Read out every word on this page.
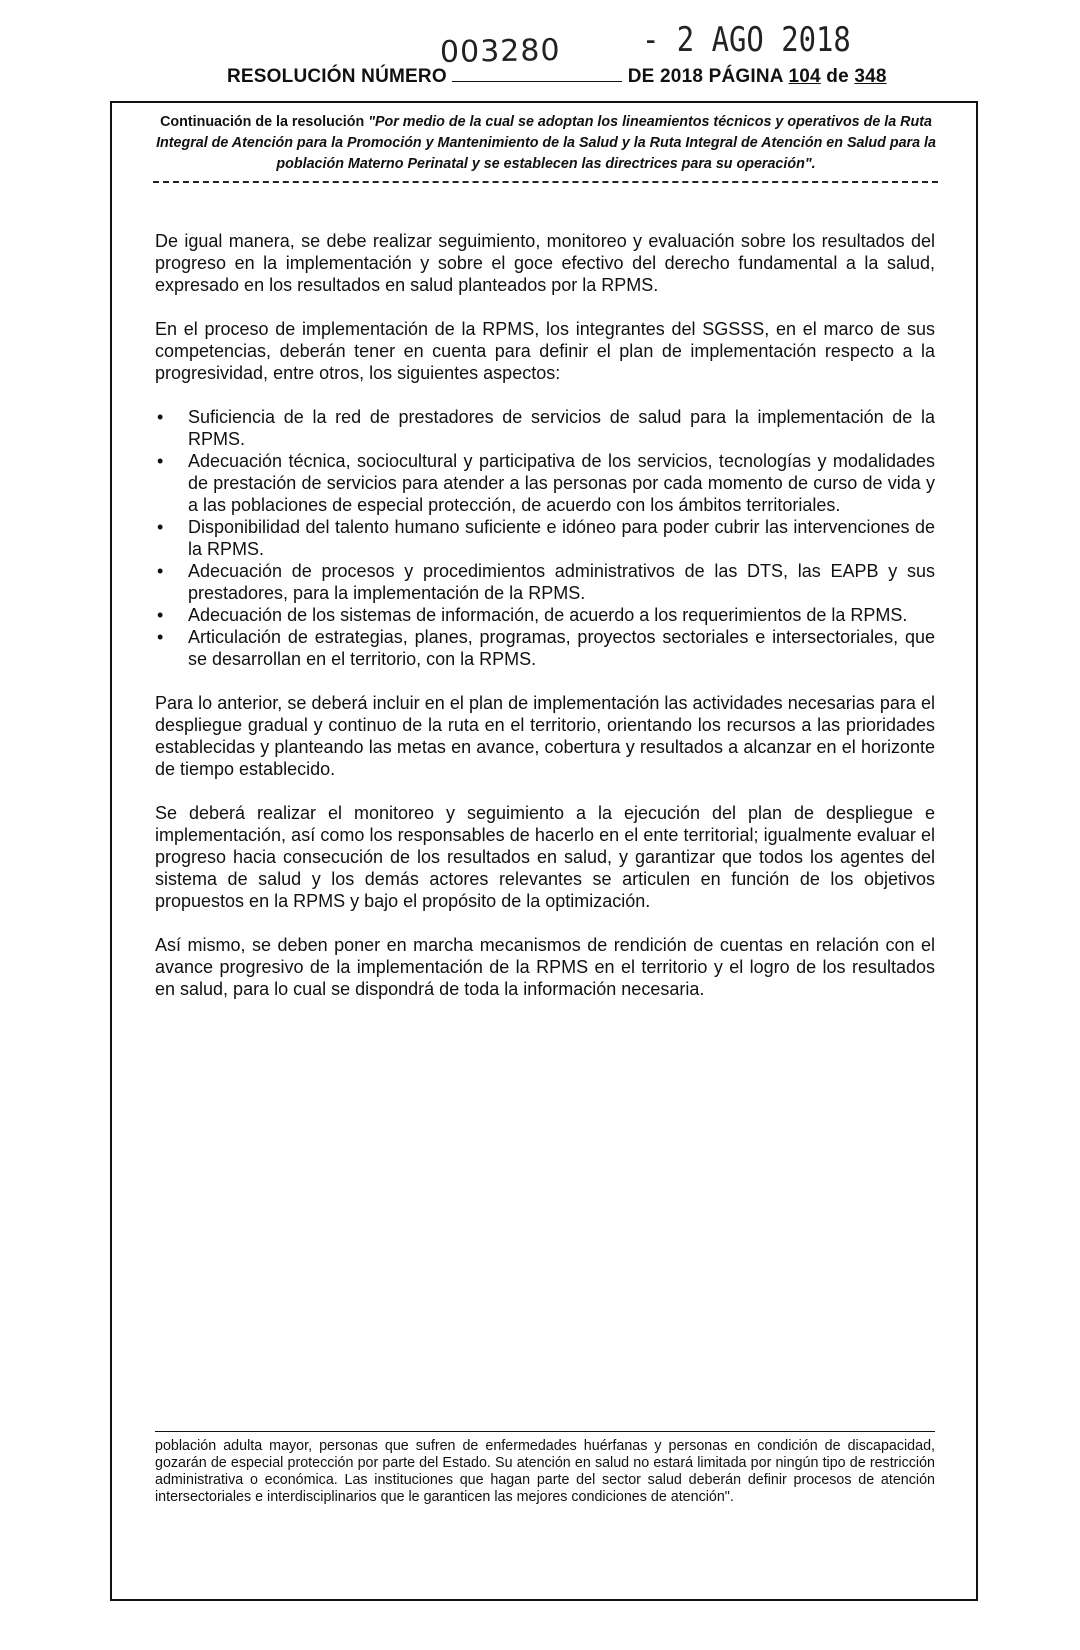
003280 - 2 AGO 2018
RESOLUCIÓN NÚMERO	DE 2018 PÁGINA 104 de 348
Continuación de la resolución "Por medio de la cual se adoptan los lineamientos técnicos y operativos de la Ruta Integral de Atención para la Promoción y Mantenimiento de la Salud y la Ruta Integral de Atención en Salud para la población Materno Perinatal y se establecen las directrices para su operación".

De igual manera, se debe realizar seguimiento, monitoreo y evaluación sobre los resultados del progreso en la implementación y sobre el goce efectivo del derecho fundamental a la salud, expresado en los resultados en salud planteados por la RPMS.

En el proceso de implementación de la RPMS, los integrantes del SGSSS, en el marco de sus competencias, deberán tener en cuenta para definir el plan de implementación respecto a la progresividad, entre otros, los siguientes aspectos:

• Suficiencia de la red de prestadores de servicios de salud para la implementación de la RPMS.
• Adecuación técnica, sociocultural y participativa de los servicios, tecnologías y modalidades de prestación de servicios para atender a las personas por cada momento de curso de vida y a las poblaciones de especial protección, de acuerdo con los ámbitos territoriales.
• Disponibilidad del talento humano suficiente e idóneo para poder cubrir las intervenciones de la RPMS.
• Adecuación de procesos y procedimientos administrativos de las DTS, las EAPB y sus prestadores, para la implementación de la RPMS.
• Adecuación de los sistemas de información, de acuerdo a los requerimientos de la RPMS.
• Articulación de estrategias, planes, programas, proyectos sectoriales e intersectoriales, que se desarrollan en el territorio, con la RPMS.

Para lo anterior, se deberá incluir en el plan de implementación las actividades necesarias para el despliegue gradual y continuo de la ruta en el territorio, orientando los recursos a las prioridades establecidas y planteando las metas en avance, cobertura y resultados a alcanzar en el horizonte de tiempo establecido.

Se deberá realizar el monitoreo y seguimiento a la ejecución del plan de despliegue e implementación, así como los responsables de hacerlo en el ente territorial; igualmente evaluar el progreso hacia consecución de los resultados en salud, y garantizar que todos los agentes del sistema de salud y los demás actores relevantes se articulen en función de los objetivos propuestos en la RPMS y bajo el propósito de la optimización.

Así mismo, se deben poner en marcha mecanismos de rendición de cuentas en relación con el avance progresivo de la implementación de la RPMS en el territorio y el logro de los resultados en salud, para lo cual se dispondrá de toda la información necesaria.

población adulta mayor, personas que sufren de enfermedades huérfanas y personas en condición de discapacidad, gozarán de especial protección por parte del Estado. Su atención en salud no estará limitada por ningún tipo de restricción administrativa o económica. Las instituciones que hagan parte del sector salud deberán definir procesos de atención intersectoriales e interdisciplinarios que le garanticen las mejores condiciones de atención".
